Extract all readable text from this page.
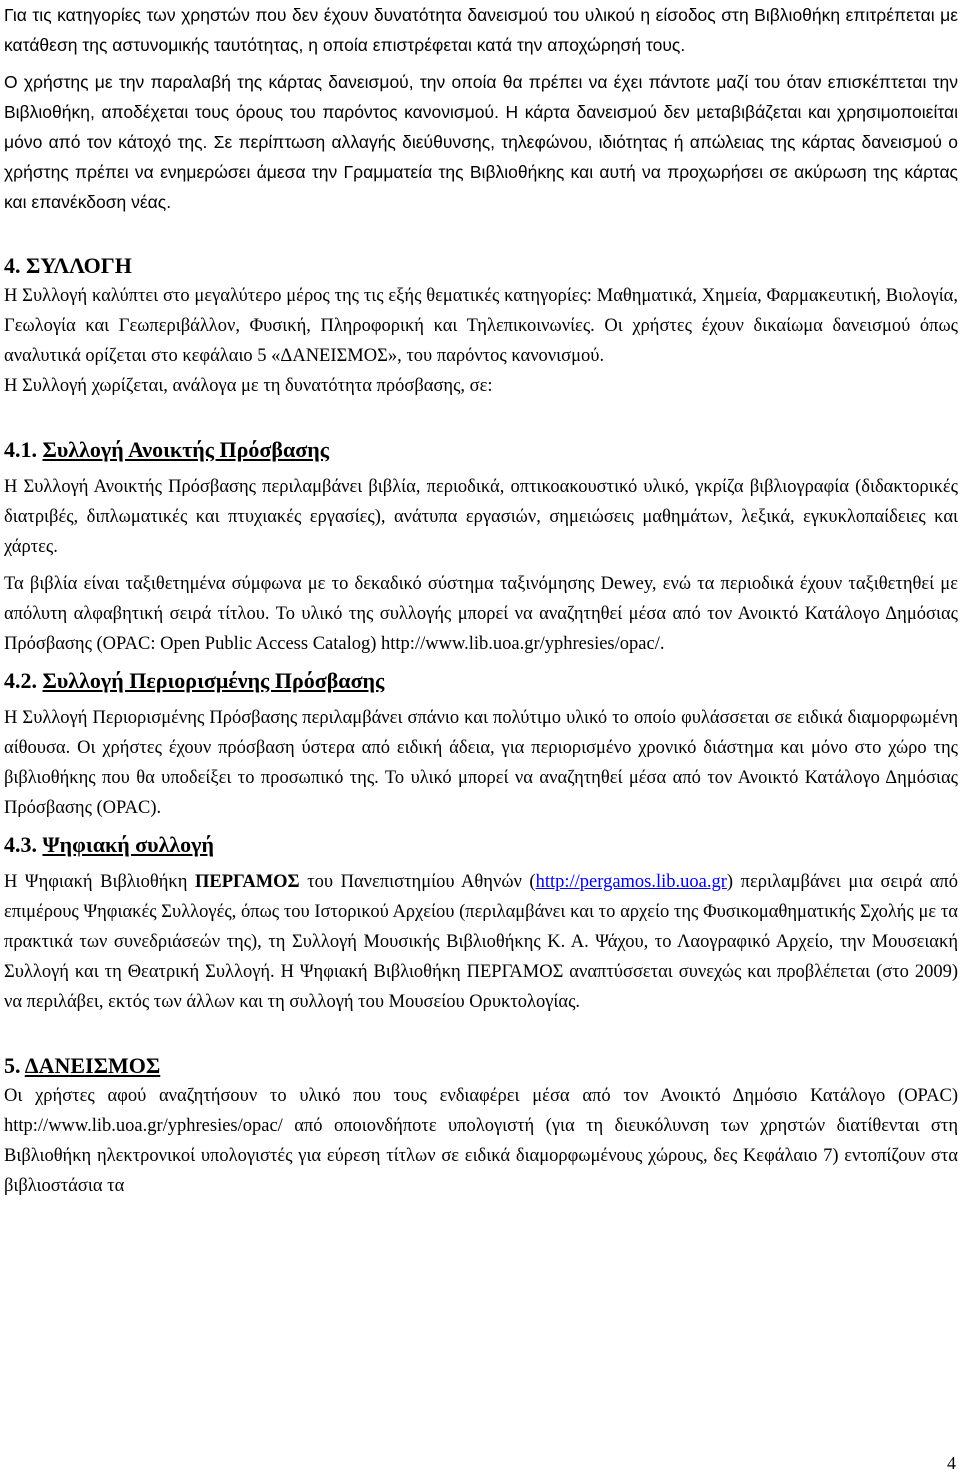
Για τις κατηγορίες των χρηστών που δεν έχουν δυνατότητα δανεισμού του υλικού η είσοδος στη Βιβλιοθήκη επιτρέπεται με κατάθεση της αστυνομικής ταυτότητας, η οποία επιστρέφεται κατά την αποχώρησή τους.

Ο χρήστης με την παραλαβή της κάρτας δανεισμού, την οποία θα πρέπει να έχει πάντοτε μαζί του όταν επισκέπτεται την Βιβλιοθήκη, αποδέχεται τους όρους του παρόντος κανονισμού. Η κάρτα δανεισμού δεν μεταβιβάζεται και χρησιμοποιείται μόνο από τον κάτοχό της. Σε περίπτωση αλλαγής διεύθυνσης, τηλεφώνου, ιδιότητας ή απώλειας της κάρτας δανεισμού ο χρήστης πρέπει να ενημερώσει άμεσα την Γραμματεία της Βιβλιοθήκης και αυτή να προχωρήσει σε ακύρωση της κάρτας και επανέκδοση νέας.

4. ΣΥΛΛΟΓΗ

Η Συλλογή καλύπτει στο μεγαλύτερο μέρος της τις εξής θεματικές κατηγορίες: Μαθηματικά, Χημεία, Φαρμακευτική, Βιολογία, Γεωλογία και Γεωπεριβάλλον, Φυσική, Πληροφορική και Τηλεπικοινωνίες. Οι χρήστες έχουν δικαίωμα δανεισμού όπως αναλυτικά ορίζεται στο κεφάλαιο 5 «ΔΑΝΕΙΣΜΟΣ», του παρόντος κανονισμού.

Η Συλλογή χωρίζεται, ανάλογα με τη δυνατότητα πρόσβασης, σε:

4.1. Συλλογή Ανοικτής Πρόσβασης

Η Συλλογή Ανοικτής Πρόσβασης περιλαμβάνει βιβλία, περιοδικά, οπτικοακουστικό υλικό, γκρίζα βιβλιογραφία (διδακτορικές διατριβές, διπλωματικές και πτυχιακές εργασίες), ανάτυπα εργασιών, σημειώσεις μαθημάτων, λεξικά, εγκυκλοπαίδειες και χάρτες.

Τα βιβλία είναι ταξιθετημένα σύμφωνα με το δεκαδικό σύστημα ταξινόμησης Dewey, ενώ τα περιοδικά έχουν ταξιθετηθεί με απόλυτη αλφαβητική σειρά τίτλου. Το υλικό της συλλογής μπορεί να αναζητηθεί μέσα από τον Ανοικτό Κατάλογο Δημόσιας Πρόσβασης (OPAC: Open Public Access Catalog) http://www.lib.uoa.gr/yphresies/opac/.

4.2. Συλλογή Περιορισμένης Πρόσβασης

Η Συλλογή Περιορισμένης Πρόσβασης περιλαμβάνει σπάνιο και πολύτιμο υλικό το οποίο φυλάσσεται σε ειδικά διαμορφωμένη αίθουσα. Οι χρήστες έχουν πρόσβαση ύστερα από ειδική άδεια, για περιορισμένο χρονικό διάστημα και μόνο στο χώρο της βιβλιοθήκης που θα υποδείξει το προσωπικό της. Το υλικό μπορεί να αναζητηθεί μέσα από τον Ανοικτό Κατάλογο Δημόσιας Πρόσβασης (OPAC).

4.3. Ψηφιακή συλλογή

Η Ψηφιακή Βιβλιοθήκη ΠΕΡΓΑΜΟΣ του Πανεπιστημίου Αθηνών (http://pergamos.lib.uoa.gr) περιλαμβάνει μια σειρά από επιμέρους Ψηφιακές Συλλογές, όπως του Ιστορικού Αρχείου (περιλαμβάνει και το αρχείο της Φυσικομαθηματικής Σχολής με τα πρακτικά των συνεδριάσεών της), τη Συλλογή Μουσικής Βιβλιοθήκης Κ. Α. Ψάχου, το Λαογραφικό Αρχείο, την Μουσειακή Συλλογή και τη Θεατρική Συλλογή. Η Ψηφιακή Βιβλιοθήκη ΠΕΡΓΑΜΟΣ αναπτύσσεται συνεχώς και προβλέπεται (στο 2009) να περιλάβει, εκτός των άλλων και τη συλλογή του Μουσείου Ορυκτολογίας.

5. ΔΑΝΕΙΣΜΟΣ

Οι χρήστες αφού αναζητήσουν το υλικό που τους ενδιαφέρει μέσα από τον Ανοικτό Δημόσιο Κατάλογο (OPAC) http://www.lib.uoa.gr/yphresies/opac/ από οποιονδήποτε υπολογιστή (για τη διευκόλυνση των χρηστών διατίθενται στη Βιβλιοθήκη ηλεκτρονικοί υπολογιστές για εύρεση τίτλων σε ειδικά διαμορφωμένους χώρους, δες Κεφάλαιο 7) εντοπίζουν στα βιβλιοστάσια τα

4
